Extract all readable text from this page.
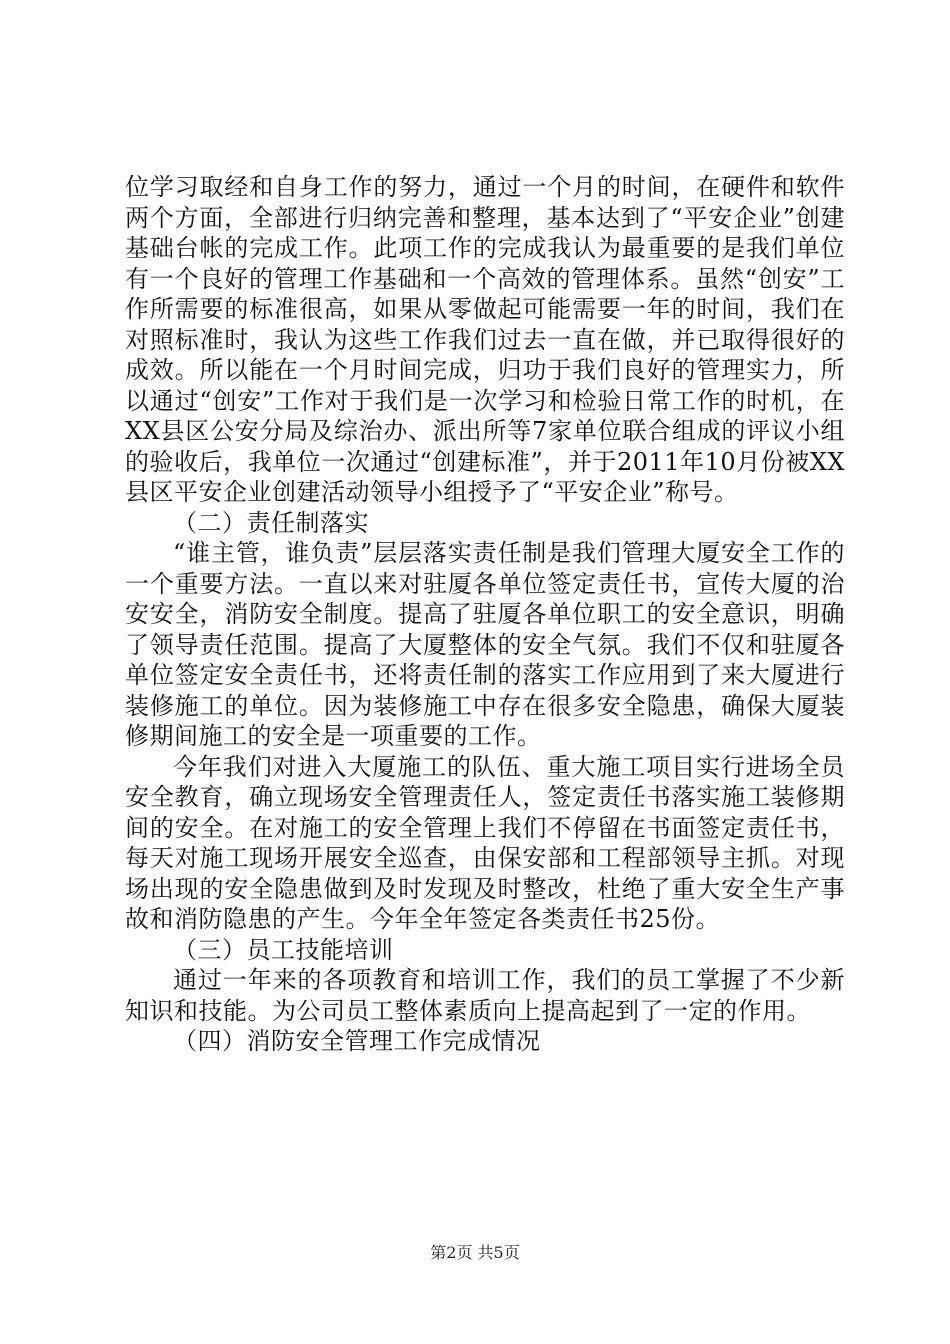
位学习取经和自身工作的努力，通过一个月的时间，在硬件和软件两个方面，全部进行归纳完善和整理，基本达到了“平安企业”创建基础台帐的完成工作。此项工作的完成我认为最重要的是我们单位有一个良好的管理工作基础和一个高效的管理体系。虽然“创安”工作所需要的标准很高，如果从零做起可能需要一年的时间，我们在对照标准时，我认为这些工作我们过去一直在做，并已取得很好的成效。所以能在一个月时间完成，归功于我们良好的管理实力，所以通过“创安”工作对于我们是一次学习和检验日常工作的时机，在XX县区公安分局及综治办、派出所等7家单位联合组成的评议小组的验收后，我单位一次通过“创建标准”，并于2011年10月份被XX县区平安企业创建活动领导小组授予了“平安企业”称号。

（二）责任制落实

“谁主管，谁负责”层层落实责任制是我们管理大厦安全工作的一个重要方法。一直以来对驻厦各单位签定责任书，宣传大厦的治安安全，消防安全制度。提高了驻厦各单位职工的安全意识，明确了领导责任范围。提高了大厦整体的安全气氛。我们不仅和驻厦各单位签定安全责任书，还将责任制的落实工作应用到了来大厦进行装修施工的单位。因为装修施工中存在很多安全隐患，确保大厦装修期间施工的安全是一项重要的工作。

今年我们对进入大厦施工的队伍、重大施工项目实行进场全员安全教育，确立现场安全管理责任人，签定责任书落实施工装修期间的安全。在对施工的安全管理上我们不停留在书面签定责任书，每天对施工现场开展安全巡查，由保安部和工程部领导主抓。对现场出现的安全隐患做到及时发现及时整改，杜绝了重大安全生产事故和消防隐患的产生。今年全年签定各类责任书25份。

（三）员工技能培训

通过一年来的各项教育和培训工作，我们的员工掌握了不少新知识和技能。为公司员工整体素质向上提高起到了一定的作用。

（四）消防安全管理工作完成情况

第2页 共5页
